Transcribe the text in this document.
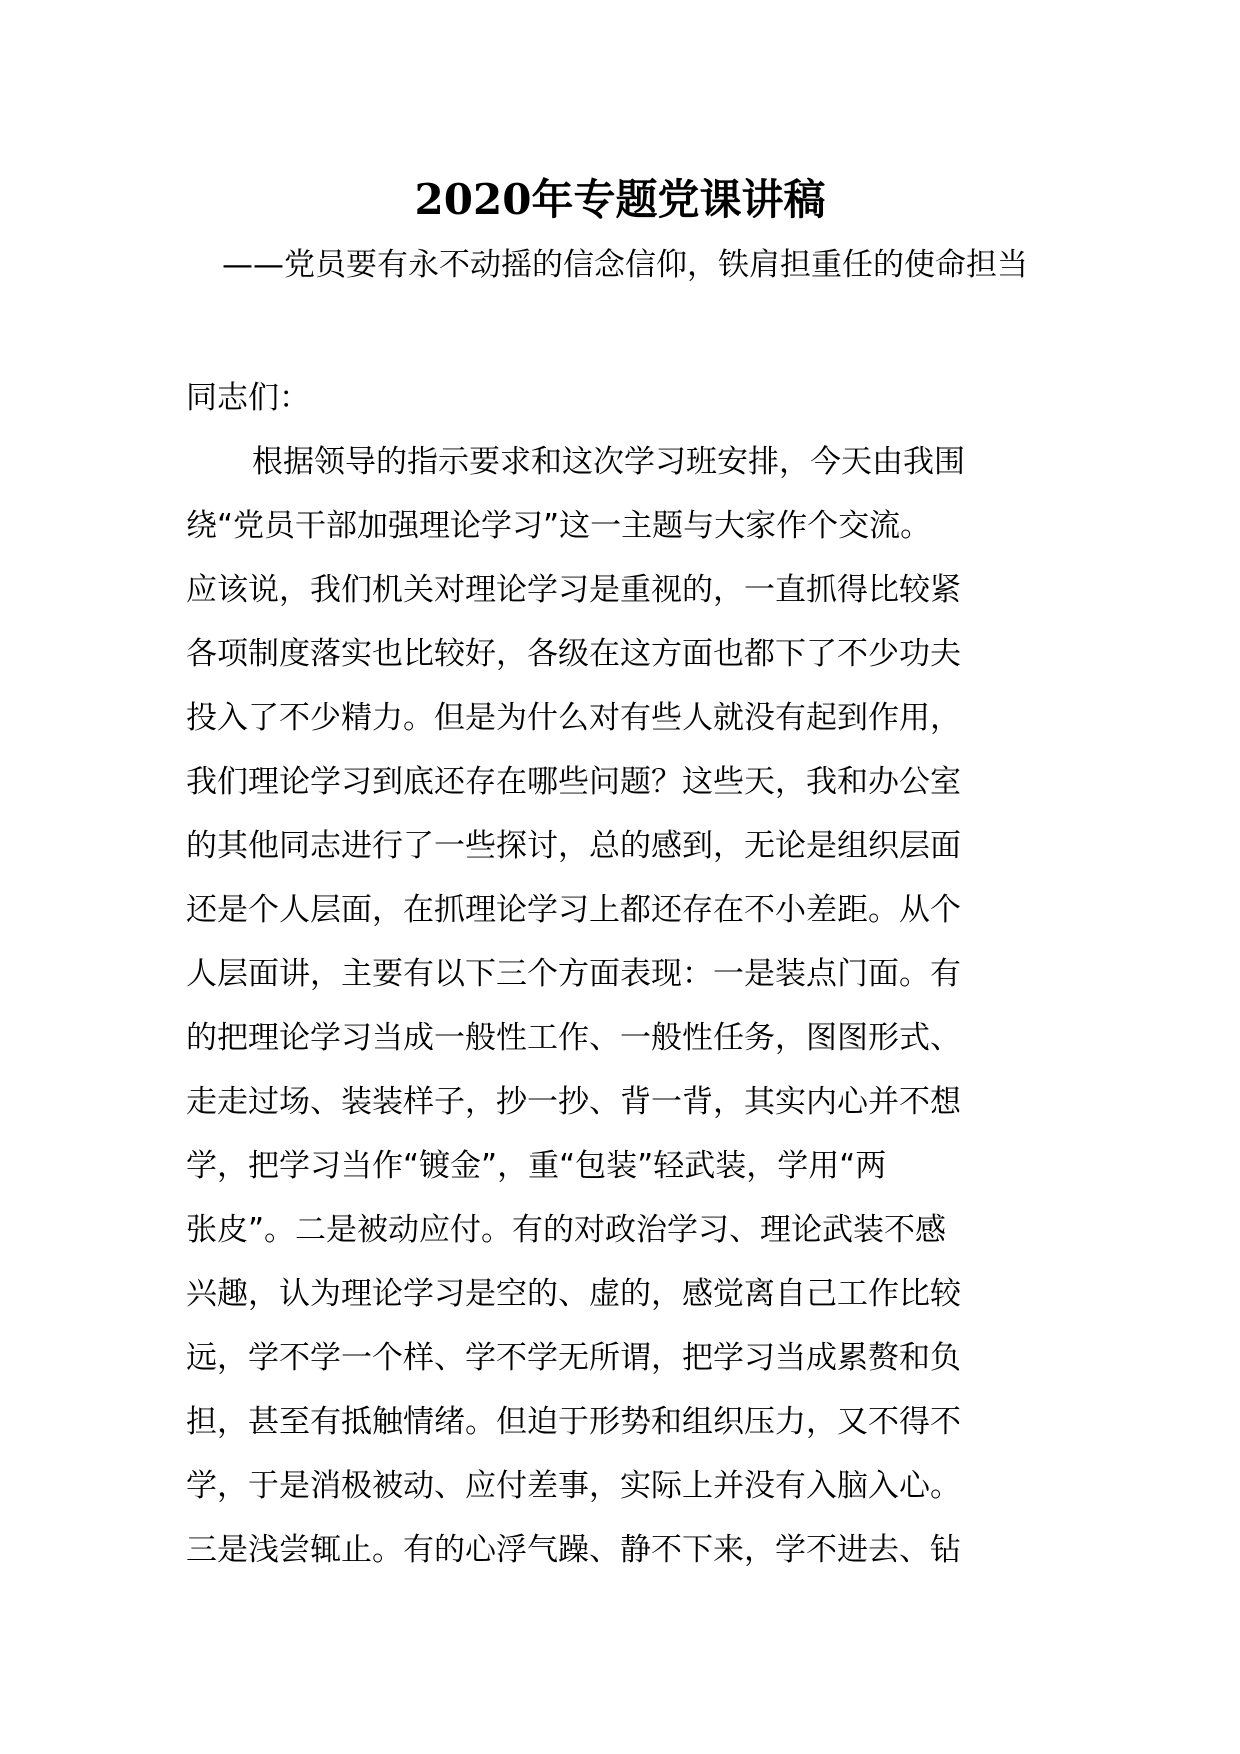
2020年专题党课讲稿
——党员要有永不动摇的信念信仰，铁肩担重任的使命担当
同志们：
根据领导的指示要求和这次学习班安排，今天由我围
绕“党员干部加强理论学习”这一主题与大家作个交流。
应该说，我们机关对理论学习是重视的，一直抓得比较紧
各项制度落实也比较好，各级在这方面也都下了不少功夫
投入了不少精力。但是为什么对有些人就没有起到作用，
我们理论学习到底还存在哪些问题？这些天，我和办公室
的其他同志进行了一些探讨，总的感到，无论是组织层面
还是个人层面，在抓理论学习上都还存在不小差距。从个
人层面讲，主要有以下三个方面表现：一是装点门面。有
的把理论学习当成一般性工作、一般性任务，图图形式、
走走过场、装装样子，抄一抄、背一背，其实内心并不想
学，把学习当作“镀金”，重“包装”轻武装，学用“两
张皮”。二是被动应付。有的对政治学习、理论武装不感
兴趣，认为理论学习是空的、虚的，感觉离自己工作比较
远，学不学一个样、学不学无所谓，把学习当成累赘和负
担，甚至有抵触情绪。但迫于形势和组织压力，又不得不
学，于是消极被动、应付差事，实际上并没有入脑入心。
三是浅尝辄止。有的心浮气躁、静不下来，学不进去、钻
